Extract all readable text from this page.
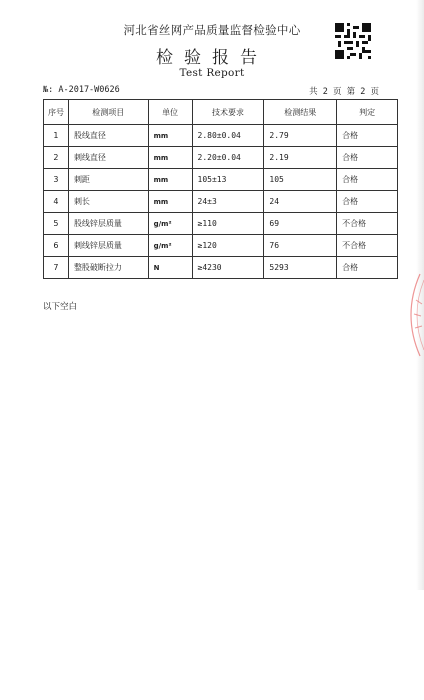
河北省丝网产品质量监督检验中心
检验报告
Test Report
№: A-2017-W0626	共 2 页 第 2 页
序号	检测项目	单位	技术要求	检测结果	判定
1	股线直径	mm	2.80±0.04	2.79	合格
2	刺线直径	mm	2.20±0.04	2.19	合格
3	刺距	mm	105±13	105	合格
4	刺长	mm	24±3	24	合格
5	股线锌层质量	g/m²	≥110	69	不合格
6	刺线锌层质量	g/m²	≥120	76	不合格
7	整股破断拉力	N	≥4230	5293	合格
以下空白
